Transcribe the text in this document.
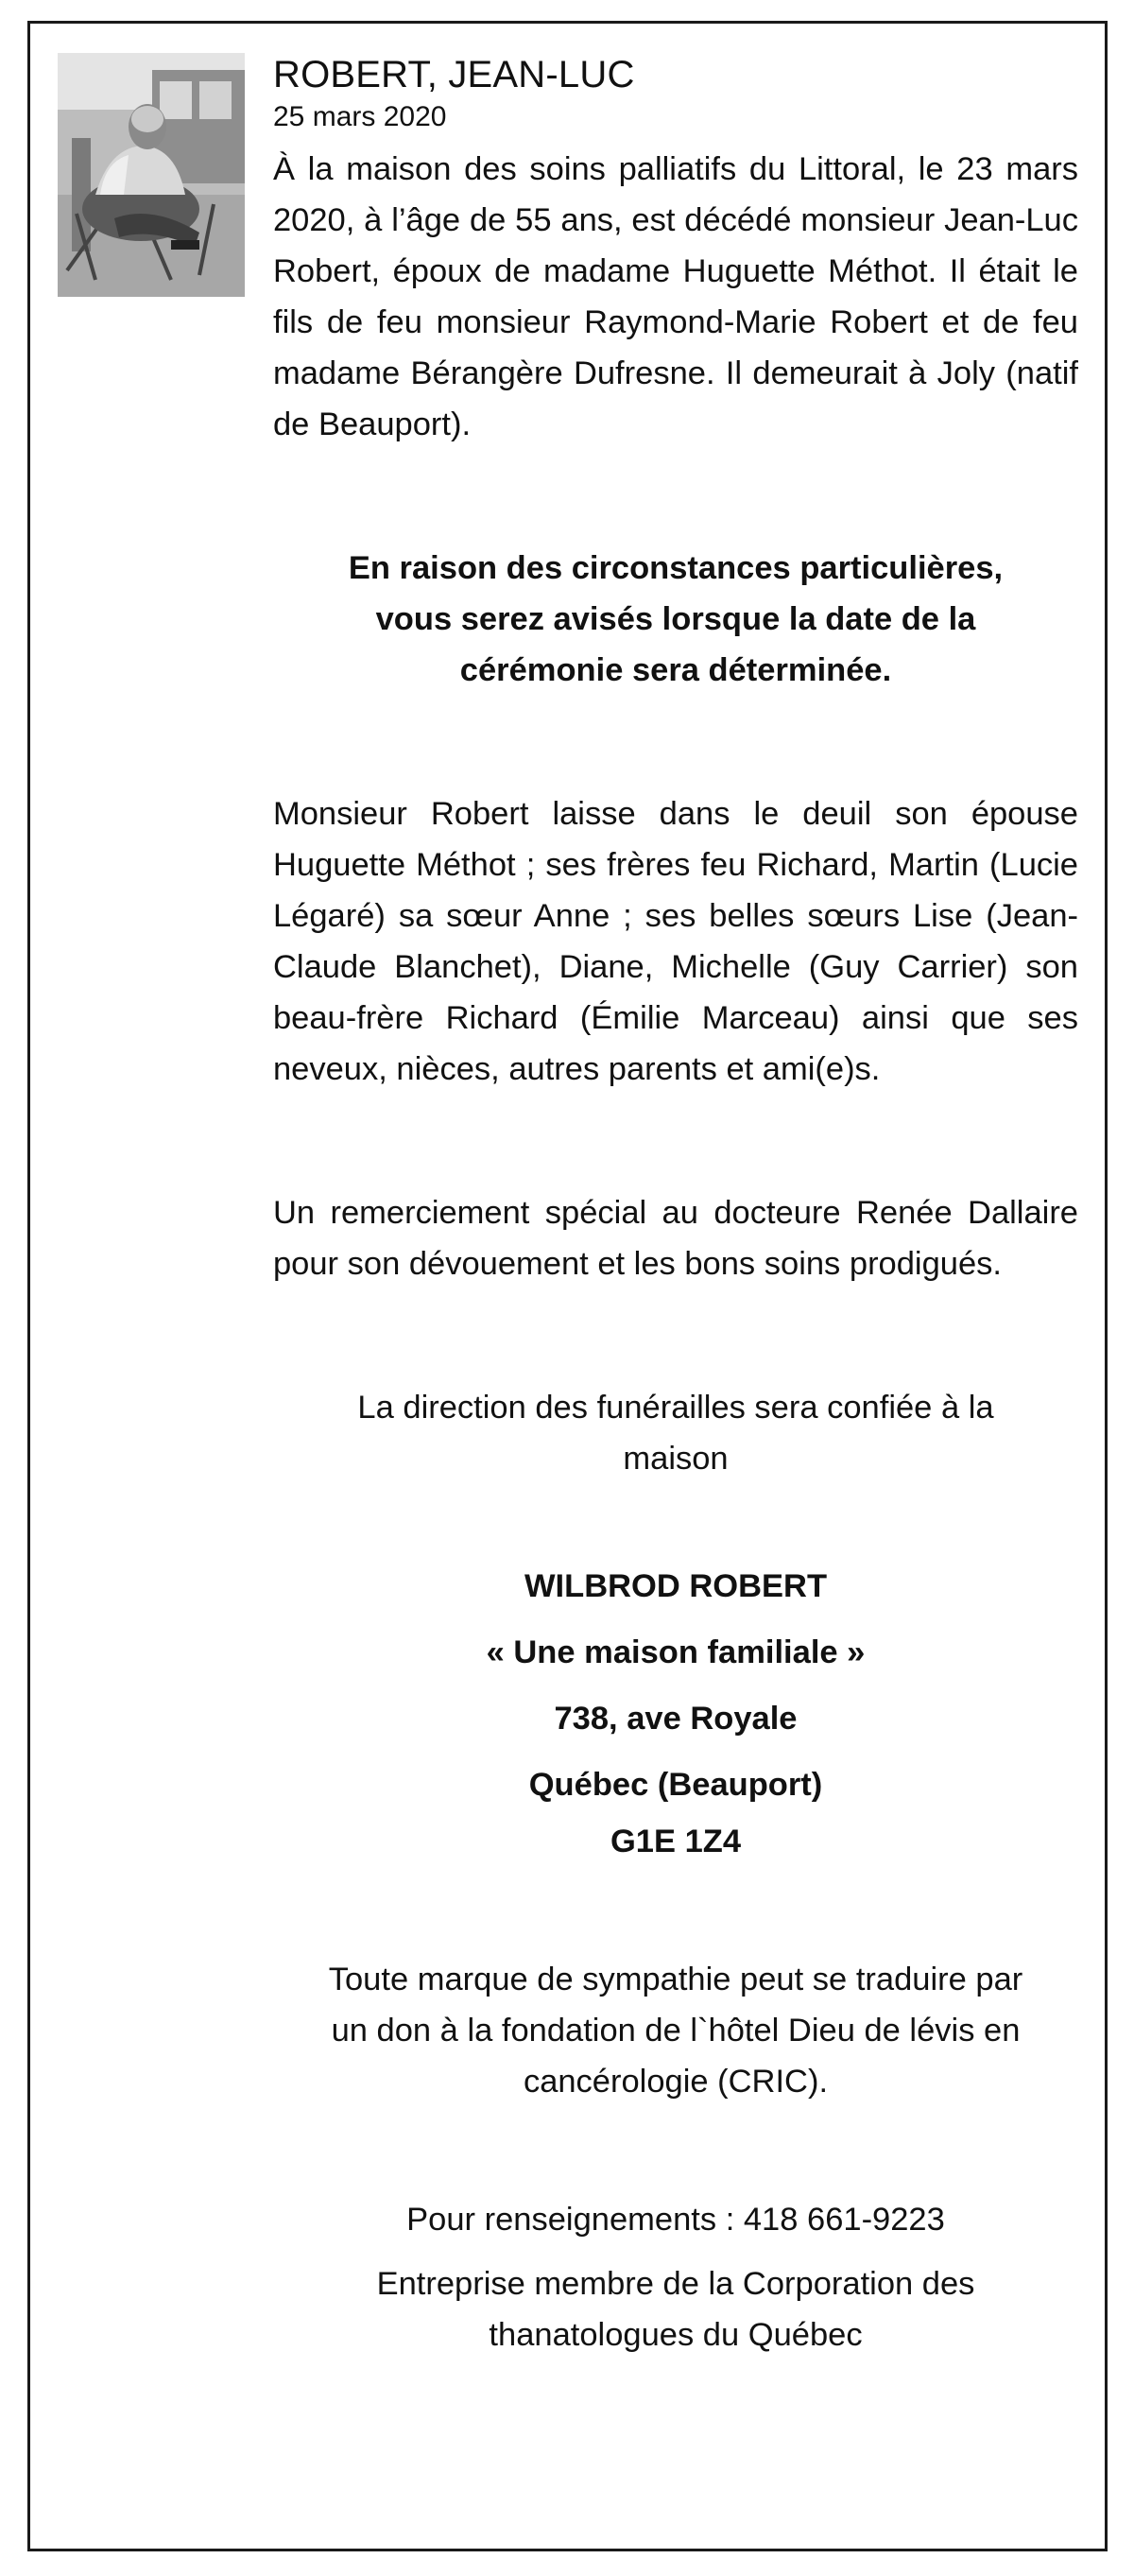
ROBERT, JEAN-LUC

25 mars 2020

À la maison des soins palliatifs du Littoral, le 23 mars 2020, à l’âge de 55 ans, est décédé monsieur Jean-Luc Robert, époux de madame Huguette Méthot. Il était le fils de feu monsieur Raymond-Marie Robert et de feu madame Bérangère Dufresne. Il demeurait à Joly (natif de Beauport).

En raison des circonstances particulières,

vous serez avisés lorsque la date de la

cérémonie sera déterminée.

Monsieur Robert laisse dans le deuil son épouse Huguette Méthot ; ses frères feu Richard, Martin (Lucie Légaré) sa sœur Anne ; ses belles sœurs Lise (Jean-Claude Blanchet), Diane, Michelle (Guy Carrier) son beau-frère Richard (Émilie Marceau) ainsi que ses neveux, nièces, autres parents et ami(e)s.

Un remerciement spécial au docteure Renée Dallaire pour son dévouement et les bons soins prodigués.

La direction des funérailles sera confiée à la

maison

WILBROD ROBERT

« Une maison familiale »

738, ave Royale

Québec (Beauport)

G1E 1Z4

Toute marque de sympathie peut se traduire par

un don à la fondation de l`hôtel Dieu de lévis en

cancérologie (CRIC).

Pour renseignements : 418 661-9223

Entreprise membre de la Corporation des

thanatologues du Québec
